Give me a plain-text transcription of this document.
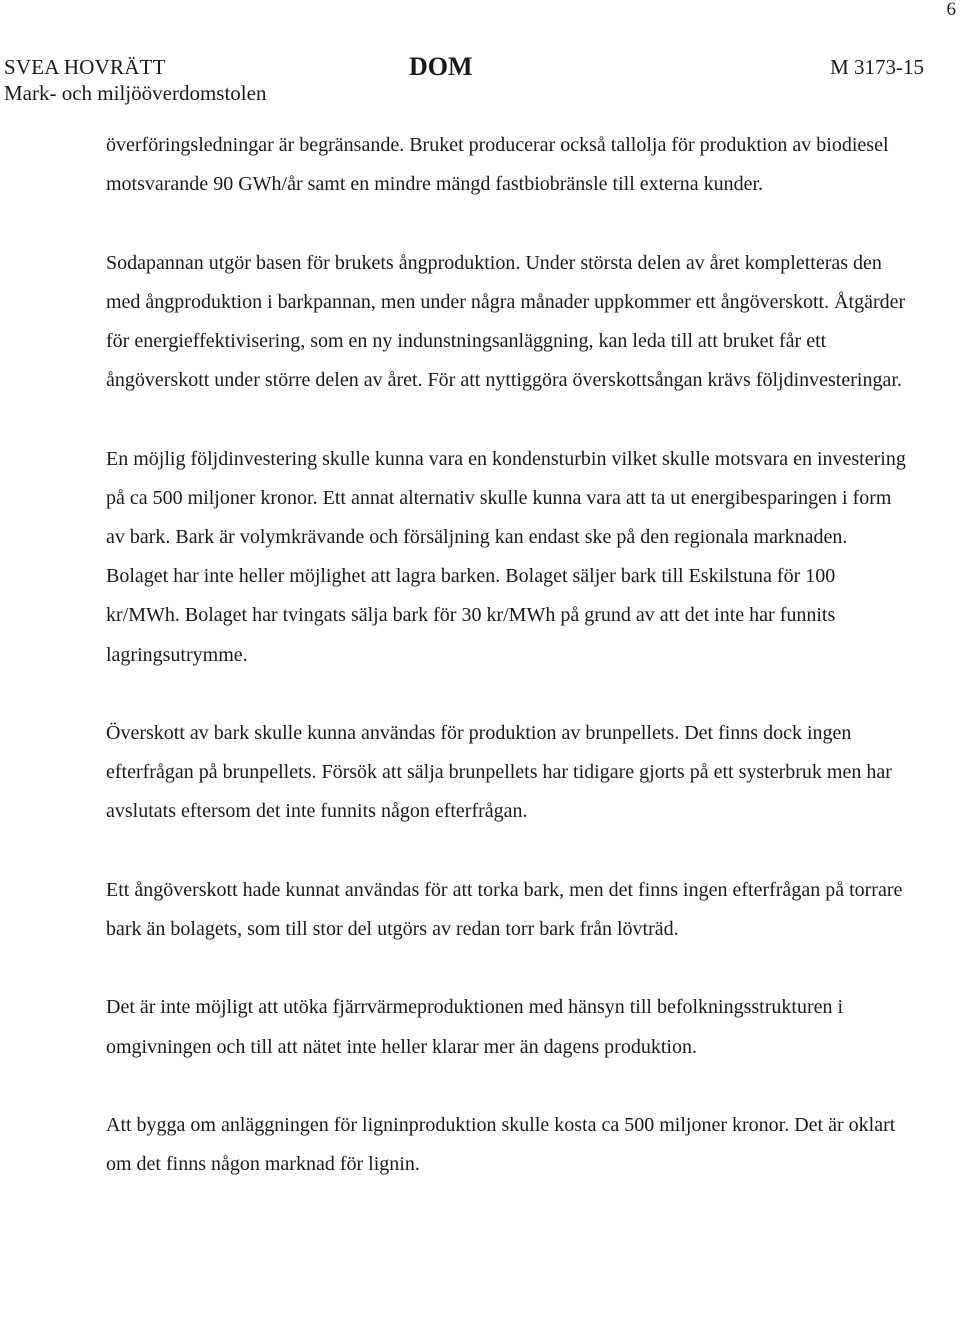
6
SVEA HOVRÄTT
Mark- och miljööverdomstolen
DOM	M 3173-15

överföringsledningar är begränsande. Bruket producerar också tallolja för produktion av biodiesel motsvarande 90 GWh/år samt en mindre mängd fastbiobränsle till externa kunder.

Sodapannan utgör basen för brukets ångproduktion. Under största delen av året kompletteras den med ångproduktion i barkpannan, men under några månader uppkommer ett ångöverskott. Åtgärder för energieffektivisering, som en ny indunstningsanläggning, kan leda till att bruket får ett ångöverskott under större delen av året. För att nyttiggöra överskottsångan krävs följdinvesteringar.

En möjlig följdinvestering skulle kunna vara en kondensturbin vilket skulle motsvara en investering på ca 500 miljoner kronor. Ett annat alternativ skulle kunna vara att ta ut energibesparingen i form av bark. Bark är volymkrävande och försäljning kan endast ske på den regionala marknaden. Bolaget har inte heller möjlighet att lagra barken. Bolaget säljer bark till Eskilstuna för 100 kr/MWh. Bolaget har tvingats sälja bark för 30 kr/MWh på grund av att det inte har funnits lagringsutrymme.

Överskott av bark skulle kunna användas för produktion av brunpellets. Det finns dock ingen efterfrågan på brunpellets. Försök att sälja brunpellets har tidigare gjorts på ett systerbruk men har avslutats eftersom det inte funnits någon efterfrågan.

Ett ångöverskott hade kunnat användas för att torka bark, men det finns ingen efterfrågan på torrare bark än bolagets, som till stor del utgörs av redan torr bark från lövträd.

Det är inte möjligt att utöka fjärrvärmeproduktionen med hänsyn till befolkningsstrukturen i omgivningen och till att nätet inte heller klarar mer än dagens produktion.

Att bygga om anläggningen för ligninproduktion skulle kosta ca 500 miljoner kronor. Det är oklart om det finns någon marknad för lignin.
